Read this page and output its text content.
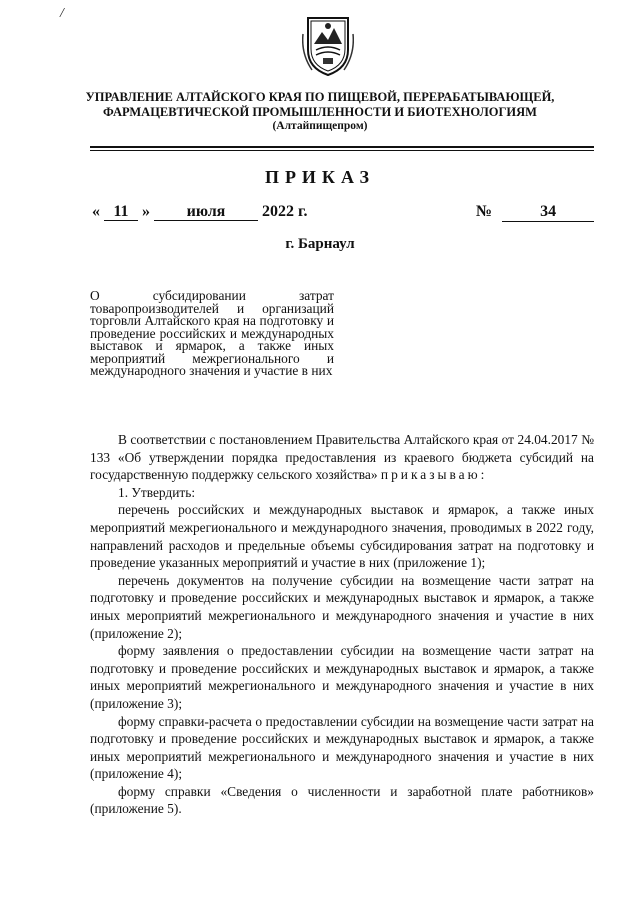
/
УПРАВЛЕНИЕ АЛТАЙСКОГО КРАЯ ПО ПИЩЕВОЙ, ПЕРЕРАБАТЫВАЮЩЕЙ,
ФАРМАЦЕВТИЧЕСКОЙ ПРОМЫШЛЕННОСТИ И БИОТЕХНОЛОГИЯМ
(Алтайпищепром)
ПРИКАЗ
« 11 » июля 2022 г.	№	34
г. Барнаул
О субсидировании затрат товаропроизводителей и организаций торговли Алтайского края на подготовку и проведение российских и международных выставок и ярмарок, а также иных мероприятий межрегионального и международного значения и участие в них

В соответствии с постановлением Правительства Алтайского края от 24.04.2017 № 133 «Об утверждении порядка предоставления из краевого бюджета субсидий на государственную поддержку сельского хозяйства» приказываю:

1. Утвердить:

перечень российских и международных выставок и ярмарок, а также иных мероприятий межрегионального и международного значения, проводимых в 2022 году, направлений расходов и предельные объемы субсидирования затрат на подготовку и проведение указанных мероприятий и участие в них (приложение 1);

перечень документов на получение субсидии на возмещение части затрат на подготовку и проведение российских и международных выставок и ярмарок, а также иных мероприятий межрегионального и международного значения и участие в них (приложение 2);

форму заявления о предоставлении субсидии на возмещение части затрат на подготовку и проведение российских и международных выставок и ярмарок, а также иных мероприятий межрегионального и международного значения и участие в них (приложение 3);

форму справки-расчета о предоставлении субсидии на возмещение части затрат на подготовку и проведение российских и международных выставок и ярмарок, а также иных мероприятий межрегионального и международного значения и участие в них (приложение 4);

форму справки «Сведения о численности и заработной плате работников» (приложение 5).
